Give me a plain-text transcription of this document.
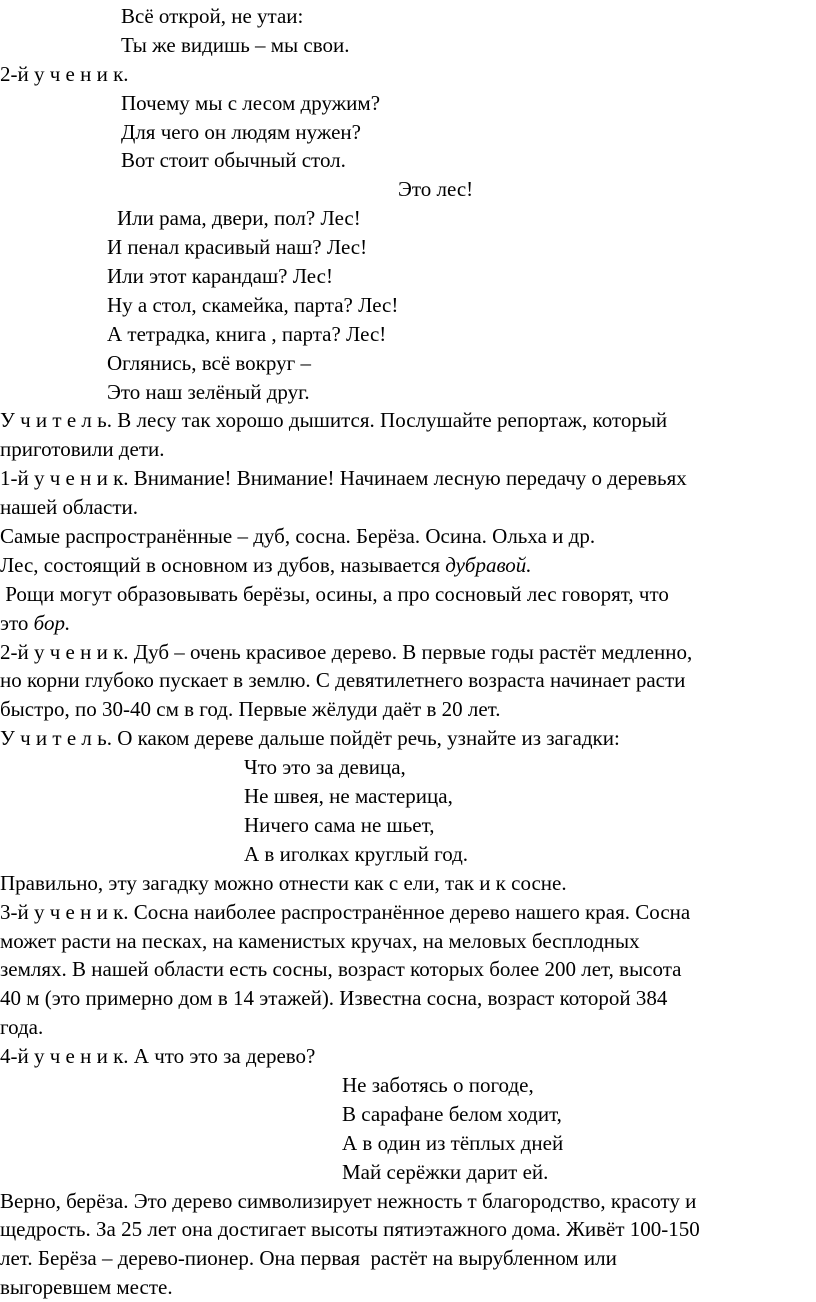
Всё открой, не утаи:
Ты же видишь – мы свои.
2-й у ч е н и к.
Почему мы с лесом дружим?
Для чего он людям нужен?
Вот стоит обычный стол.
Это лес!
Или рама, двери, пол? Лес!
И пенал красивый наш? Лес!
Или этот карандаш? Лес!
Ну а стол, скамейка, парта? Лес!
А тетрадка, книга , парта? Лес!
Оглянись, всё вокруг –
Это наш зелёный друг.
У ч и т е л ь. В лесу так хорошо дышится. Послушайте репортаж, который
приготовили дети.
1-й у ч е н и к. Внимание! Внимание! Начинаем лесную передачу о деревьях
нашей области.
Самые распространённые – дуб, сосна. Берёза. Осина. Ольха и др.
Лес, состоящий в основном из дубов, называется дубравой.
Рощи могут образовывать берёзы, осины, а про сосновый лес говорят, что
это бор.
2-й у ч е н и к. Дуб – очень красивое дерево. В первые годы растёт медленно,
но корни глубоко пускает в землю. С девятилетнего возраста начинает расти
быстро, по 30-40 см в год. Первые жёлуди даёт в 20 лет.
У ч и т е л ь. О каком дереве дальше пойдёт речь, узнайте из загадки:
Что это за девица,
Не швея, не мастерица,
Ничего сама не шьет,
А в иголках круглый год.
Правильно, эту загадку можно отнести как с ели, так и к сосне.
3-й у ч е н и к. Сосна наиболее распространённое дерево нашего края. Сосна
может расти на песках, на каменистых кручах, на меловых бесплодных
землях. В нашей области есть сосны, возраст которых более 200 лет, высота
40 м (это примерно дом в 14 этажей). Известна сосна, возраст которой 384
года.
4-й у ч е н и к. А что это за дерево?
Не заботясь о погоде,
В сарафане белом ходит,
А в один из тёплых дней
Май серёжки дарит ей.
Верно, берёза. Это дерево символизирует нежность т благородство, красоту и
щедрость. За 25 лет она достигает высоты пятиэтажного дома. Живёт 100-150
лет. Берёза – дерево-пионер. Она первая  растёт на вырубленном или
выгоревшем месте.
